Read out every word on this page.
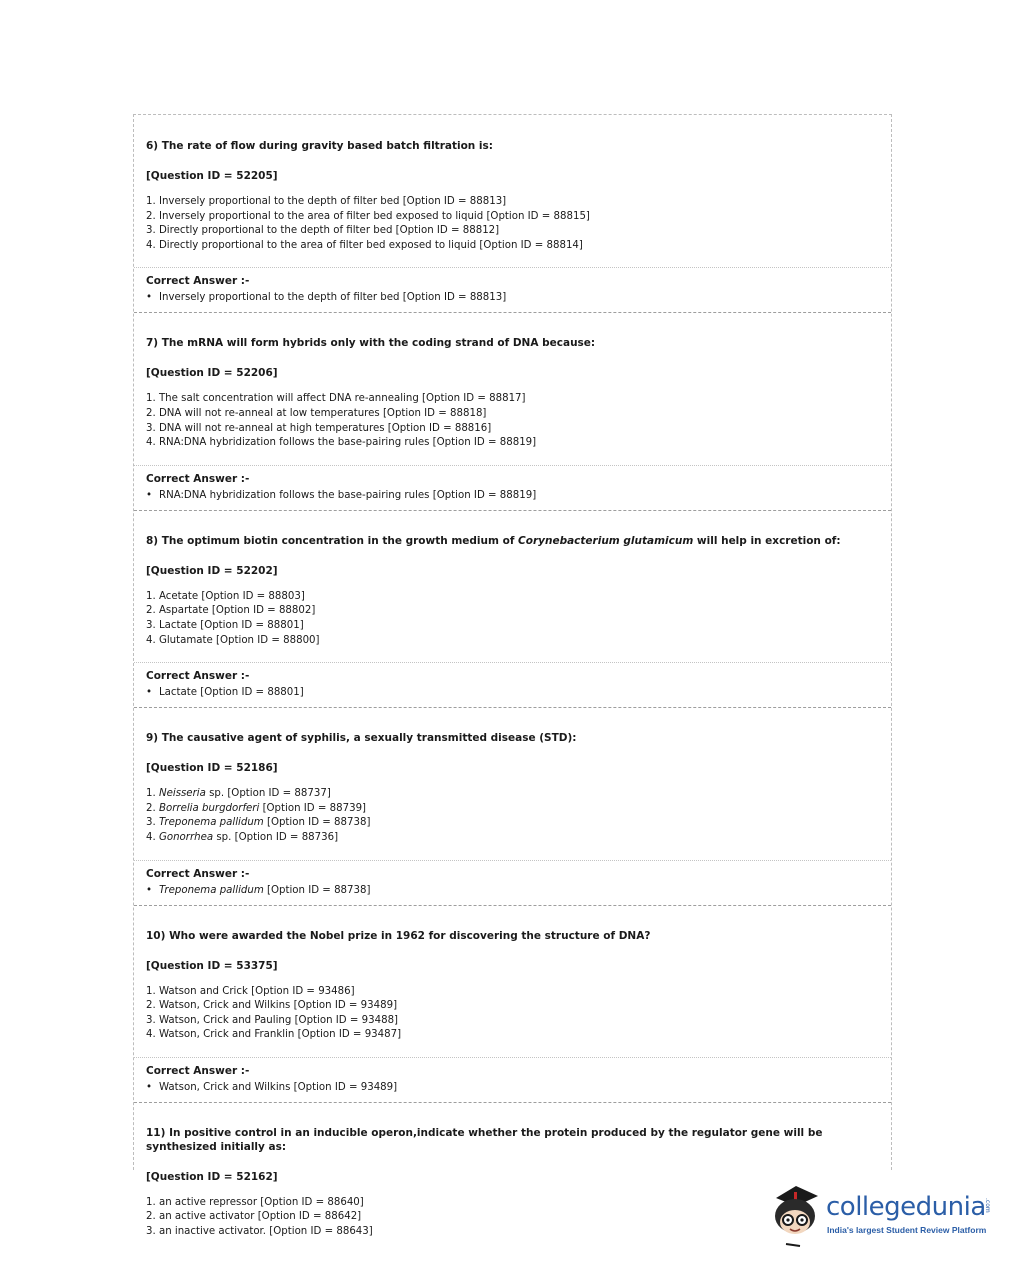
6) The rate of flow during gravity based batch filtration is:

[Question ID = 52205]

1. Inversely proportional to the depth of filter bed [Option ID = 88813]

2. Inversely proportional to the area of filter bed exposed to liquid [Option ID = 88815]

3. Directly proportional to the depth of filter bed [Option ID = 88812]

4. Directly proportional to the area of filter bed exposed to liquid [Option ID = 88814]

Correct Answer :-

• Inversely proportional to the depth of filter bed [Option ID = 88813]

7) The mRNA will form hybrids only with the coding strand of DNA because:

[Question ID = 52206]

1. The salt concentration will affect DNA re-annealing [Option ID = 88817]

2. DNA will not re-anneal at low temperatures [Option ID = 88818]

3. DNA will not re-anneal at high temperatures [Option ID = 88816]

4. RNA:DNA hybridization follows the base-pairing rules [Option ID = 88819]

Correct Answer :-

• RNA:DNA hybridization follows the base-pairing rules [Option ID = 88819]

8) The optimum biotin concentration in the growth medium of Corynebacterium glutamicum will help in excretion of:

[Question ID = 52202]

1. Acetate [Option ID = 88803]

2. Aspartate [Option ID = 88802]

3. Lactate [Option ID = 88801]

4. Glutamate [Option ID = 88800]

Correct Answer :-

• Lactate [Option ID = 88801]

9) The causative agent of syphilis, a sexually transmitted disease (STD):

[Question ID = 52186]

1. Neisseria sp. [Option ID = 88737]

2. Borrelia burgdorferi [Option ID = 88739]

3. Treponema pallidum [Option ID = 88738]

4. Gonorrhea sp. [Option ID = 88736]

Correct Answer :-

• Treponema pallidum [Option ID = 88738]

10) Who were awarded the Nobel prize in 1962 for discovering the structure of DNA?

[Question ID = 53375]

1. Watson and Crick [Option ID = 93486]

2. Watson, Crick and Wilkins [Option ID = 93489]

3. Watson, Crick and Pauling [Option ID = 93488]

4. Watson, Crick and Franklin [Option ID = 93487]

Correct Answer :-

• Watson, Crick and Wilkins [Option ID = 93489]

11) In positive control in an inducible operon,indicate whether the protein produced by the regulator gene will be synthesized initially as:

[Question ID = 52162]

1. an active repressor [Option ID = 88640]

2. an active activator [Option ID = 88642]

3. an inactive activator. [Option ID = 88643]

collegedunia
.com
India's largest Student Review Platform
